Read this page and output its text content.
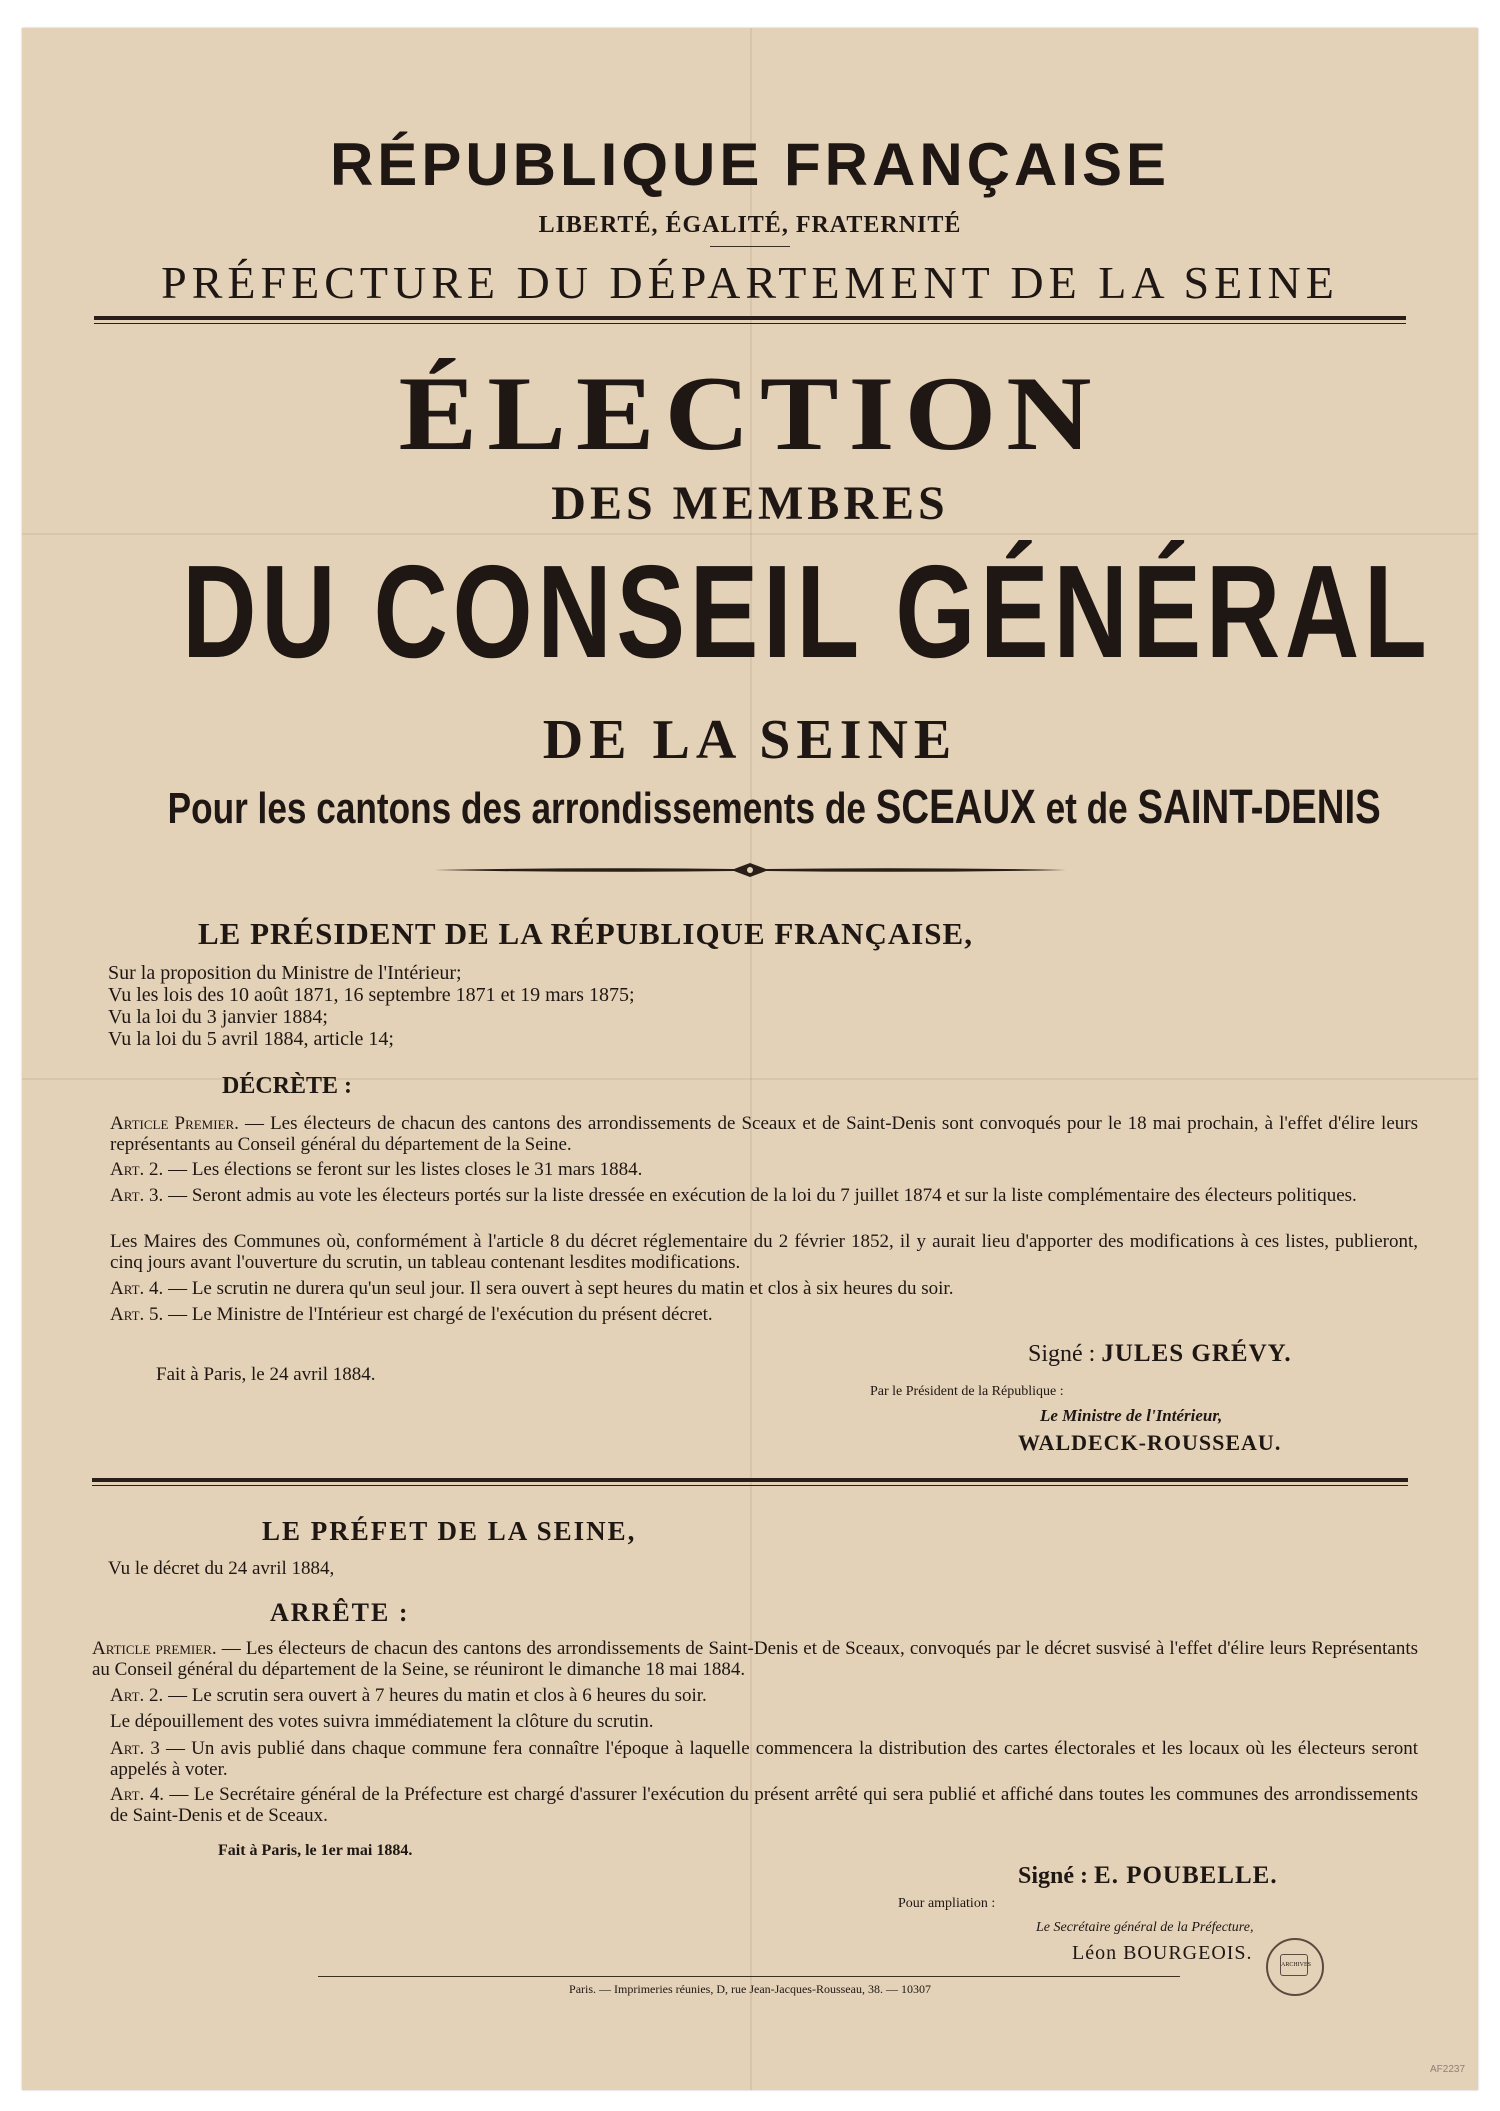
RÉPUBLIQUE FRANÇAISE
LIBERTÉ, ÉGALITÉ, FRATERNITÉ
PRÉFECTURE DU DÉPARTEMENT DE LA SEINE
ÉLECTION
DES MEMBRES
DU CONSEIL GÉNÉRAL
DE LA SEINE
Pour les cantons des arrondissements de SCEAUX et de SAINT-DENIS
LE PRÉSIDENT DE LA RÉPUBLIQUE FRANÇAISE,
Sur la proposition du Ministre de l'Intérieur;
Vu les lois des 10 août 1871, 16 septembre 1871 et 19 mars 1875;
Vu la loi du 3 janvier 1884;
Vu la loi du 5 avril 1884, article 14;
DÉCRÈTE :
Article Premier. — Les électeurs de chacun des cantons des arrondissements de Sceaux et de Saint-Denis sont convoqués pour le 18 mai prochain, à l'effet d'élire leurs représentants au Conseil général du département de la Seine.
Art. 2. — Les élections se feront sur les listes closes le 31 mars 1884.
Art. 3. — Seront admis au vote les électeurs portés sur la liste dressée en exécution de la loi du 7 juillet 1874 et sur la liste complémentaire des électeurs politiques.
Les Maires des Communes où, conformément à l'article 8 du décret réglementaire du 2 février 1852, il y aurait lieu d'apporter des modifications à ces listes, publieront, cinq jours avant l'ouverture du scrutin, un tableau contenant lesdites modifications.
Art. 4. — Le scrutin ne durera qu'un seul jour. Il sera ouvert à sept heures du matin et clos à six heures du soir.
Art. 5. — Le Ministre de l'Intérieur est chargé de l'exécution du présent décret.
Signé : JULES GRÉVY.
Fait à Paris, le 24 avril 1884.
Par le Président de la République :
Le Ministre de l'Intérieur,
WALDECK-ROUSSEAU.
LE PRÉFET DE LA SEINE,
Vu le décret du 24 avril 1884,
ARRÊTE :
Article premier. — Les électeurs de chacun des cantons des arrondissements de Saint-Denis et de Sceaux, convoqués par le décret susvisé à l'effet d'élire leurs Représentants au Conseil général du département de la Seine, se réuniront le dimanche 18 mai 1884.
Art. 2. — Le scrutin sera ouvert à 7 heures du matin et clos à 6 heures du soir.
Le dépouillement des votes suivra immédiatement la clôture du scrutin.
Art. 3 — Un avis publié dans chaque commune fera connaître l'époque à laquelle commencera la distribution des cartes électorales et les locaux où les électeurs seront appelés à voter.
Art. 4. — Le Secrétaire général de la Préfecture est chargé d'assurer l'exécution du présent arrêté qui sera publié et affiché dans toutes les communes des arrondissements de Saint-Denis et de Sceaux.
Fait à Paris, le 1er mai 1884.
Signé : E. POUBELLE.
Pour ampliation :
Le Secrétaire général de la Préfecture,
Léon BOURGEOIS.
ARCHIVES
Paris. — Imprimeries réunies, D, rue Jean-Jacques-Rousseau, 38. — 10307
AF2237
